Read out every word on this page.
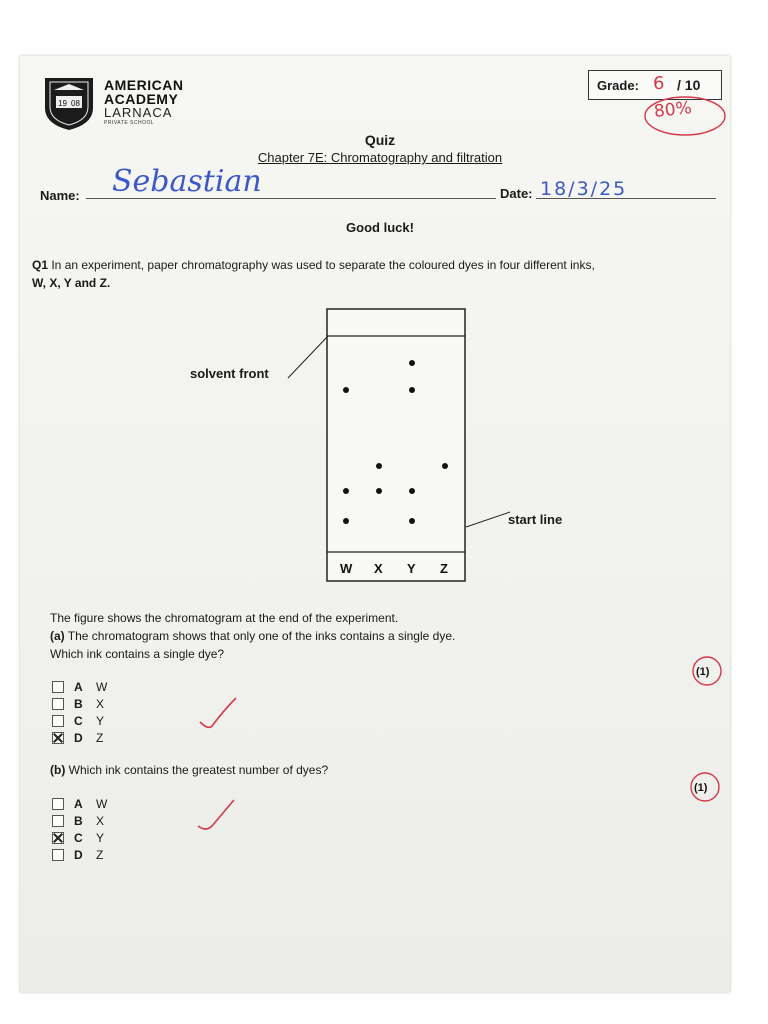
19 08
AMERICAN
ACADEMY
LARNACA
PRIVATE SCHOOL
Grade: 6 / 10
80%
Quiz
Chapter 7E: Chromatography and filtration
Name: Sebastian	Date: 18/3/25
Good luck!
Q1 In an experiment, paper chromatography was used to separate the coloured dyes in four different inks,
W, X, Y and Z.
W X Y Z
solvent front
start line
The figure shows the chromatogram at the end of the experiment.
(a) The chromatogram shows that only one of the inks contains a single dye.
Which ink contains a single dye?
(1)
A	W
B	X
C	Y
D	Z
(b) Which ink contains the greatest number of dyes?
(1)
A	W
B	X
C	Y
D	Z
